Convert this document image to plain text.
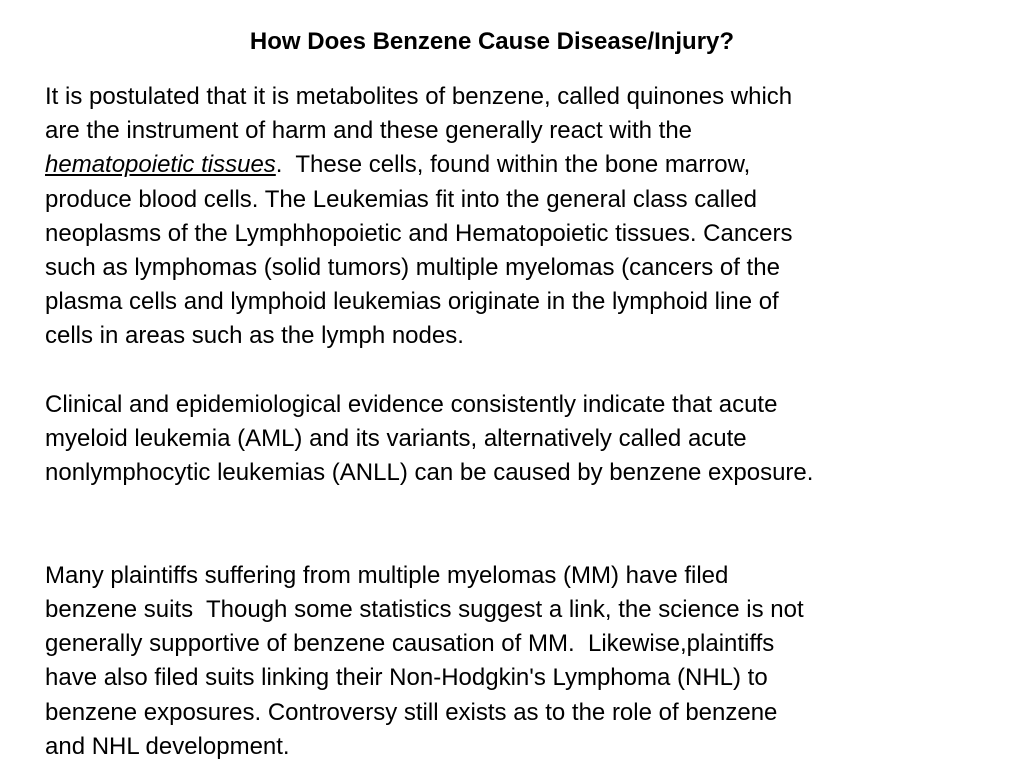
How Does Benzene Cause Disease/Injury?

It is postulated that it is metabolites of benzene, called quinones which
are the instrument of harm and these generally react with the
hematopoietic tissues.  These cells, found within the bone marrow,
produce blood cells. The Leukemias fit into the general class called
neoplasms of the Lymphhopoietic and Hematopoietic tissues. Cancers
such as lymphomas (solid tumors) multiple myelomas (cancers of the
plasma cells and lymphoid leukemias originate in the lymphoid line of
cells in areas such as the lymph nodes.

Clinical and epidemiological evidence consistently indicate that acute
myeloid leukemia (AML) and its variants, alternatively called acute
nonlymphocytic leukemias (ANLL) can be caused by benzene exposure.

Many plaintiffs suffering from multiple myelomas (MM) have filed
benzene suits  Though some statistics suggest a link, the science is not
generally supportive of benzene causation of MM.  Likewise,plaintiffs
have also filed suits linking their Non-Hodgkin's Lymphoma (NHL) to
benzene exposures. Controversy still exists as to the role of benzene
and NHL development.
